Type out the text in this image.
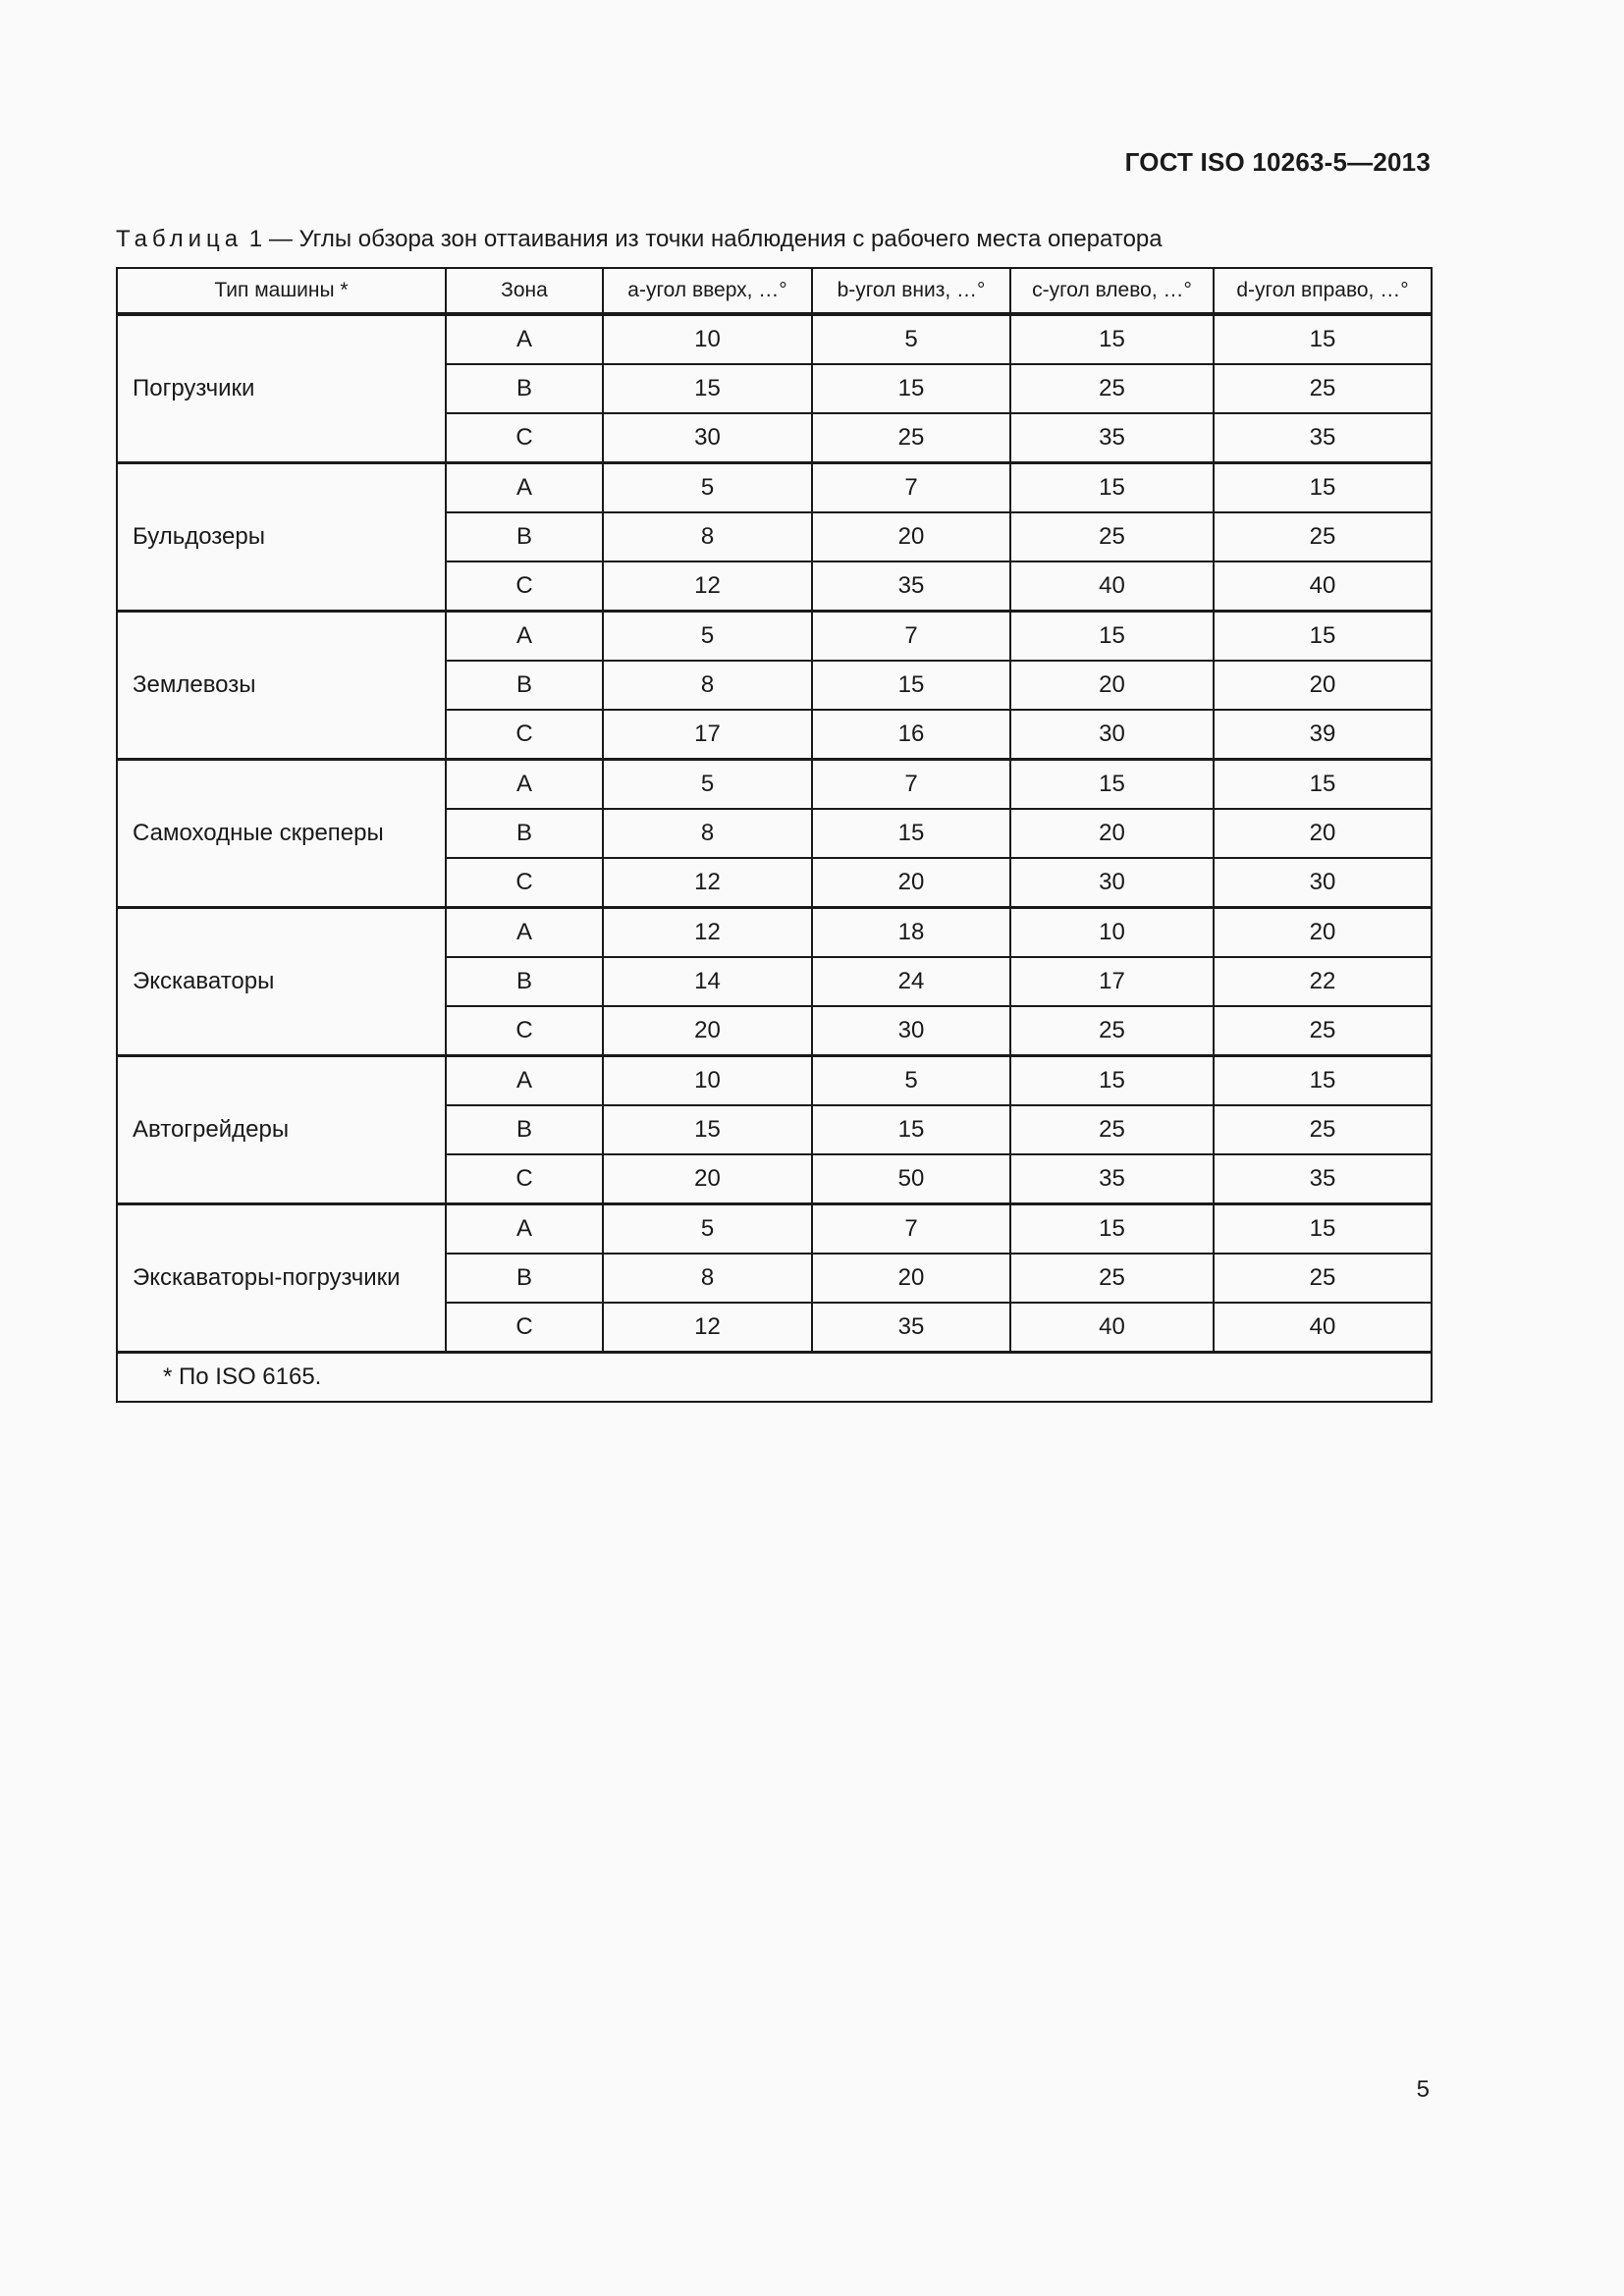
ГОСТ ISO 10263-5—2013
Таблица 1 — Углы обзора зон оттаивания из точки наблюдения с рабочего места оператора
Тип машины *	Зона	a-угол вверх, …°	b-угол вниз, …°	c-угол влево, …°	d-угол вправо, …°
Погрузчики	A	10	5	15	15
	B	15	15	25	25
	C	30	25	35	35
Бульдозеры	A	5	7	15	15
	B	8	20	25	25
	C	12	35	40	40
Землевозы	A	5	7	15	15
	B	8	15	20	20
	C	17	16	30	39
Самоходные скреперы	A	5	7	15	15
	B	8	15	20	20
	C	12	20	30	30
Экскаваторы	A	12	18	10	20
	B	14	24	17	22
	C	20	30	25	25
Автогрейдеры	A	10	5	15	15
	B	15	15	25	25
	C	20	50	35	35
Экскаваторы-погрузчики	A	5	7	15	15
	B	8	20	25	25
	C	12	35	40	40
* По ISO 6165.					
5
